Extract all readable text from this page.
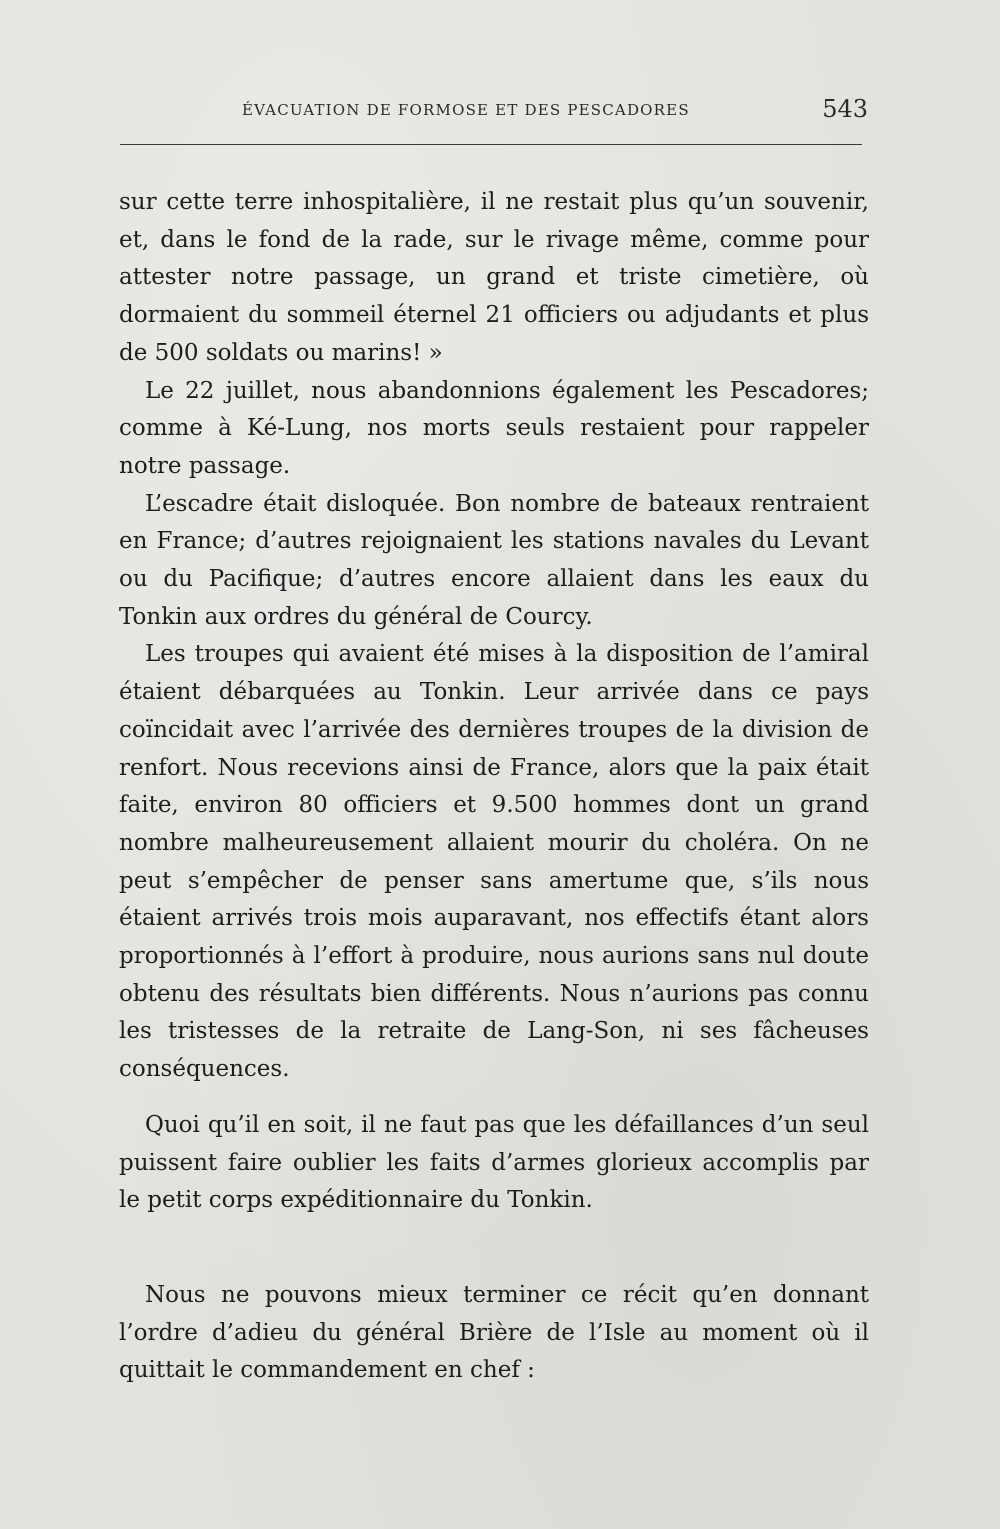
ÉVACUATION DE FORMOSE ET DES PESCADORES	543

sur cette terre inhospitalière, il ne restait plus qu’un souvenir, et, dans le fond de la rade, sur le rivage même, comme pour attester notre passage, un grand et triste cimetière, où dormaient du sommeil éternel 21 officiers ou adjudants et plus de 500 soldats ou marins! »

Le 22 juillet, nous abandonnions également les Pescadores; comme à Ké-Lung, nos morts seuls restaient pour rappeler notre passage.

L’escadre était disloquée. Bon nombre de bateaux rentraient en France; d’autres rejoignaient les stations navales du Levant ou du Pacifique; d’autres encore allaient dans les eaux du Tonkin aux ordres du général de Courcy.

Les troupes qui avaient été mises à la disposition de l’amiral étaient débarquées au Tonkin. Leur arrivée dans ce pays coïncidait avec l’arrivée des dernières troupes de la division de renfort. Nous recevions ainsi de France, alors que la paix était faite, environ 80 officiers et 9.500 hommes dont un grand nombre malheureusement allaient mourir du choléra. On ne peut s’empêcher de penser sans amertume que, s’ils nous étaient arrivés trois mois auparavant, nos effectifs étant alors proportionnés à l’effort à produire, nous aurions sans nul doute obtenu des résultats bien différents. Nous n’aurions pas connu les tristesses de la retraite de Lang-Son, ni ses fâcheuses conséquences.

Quoi qu’il en soit, il ne faut pas que les défaillances d’un seul puissent faire oublier les faits d’armes glorieux accomplis par le petit corps expéditionnaire du Tonkin.

Nous ne pouvons mieux terminer ce récit qu’en donnant l’ordre d’adieu du général Brière de l’Isle au moment où il quittait le commandement en chef :
